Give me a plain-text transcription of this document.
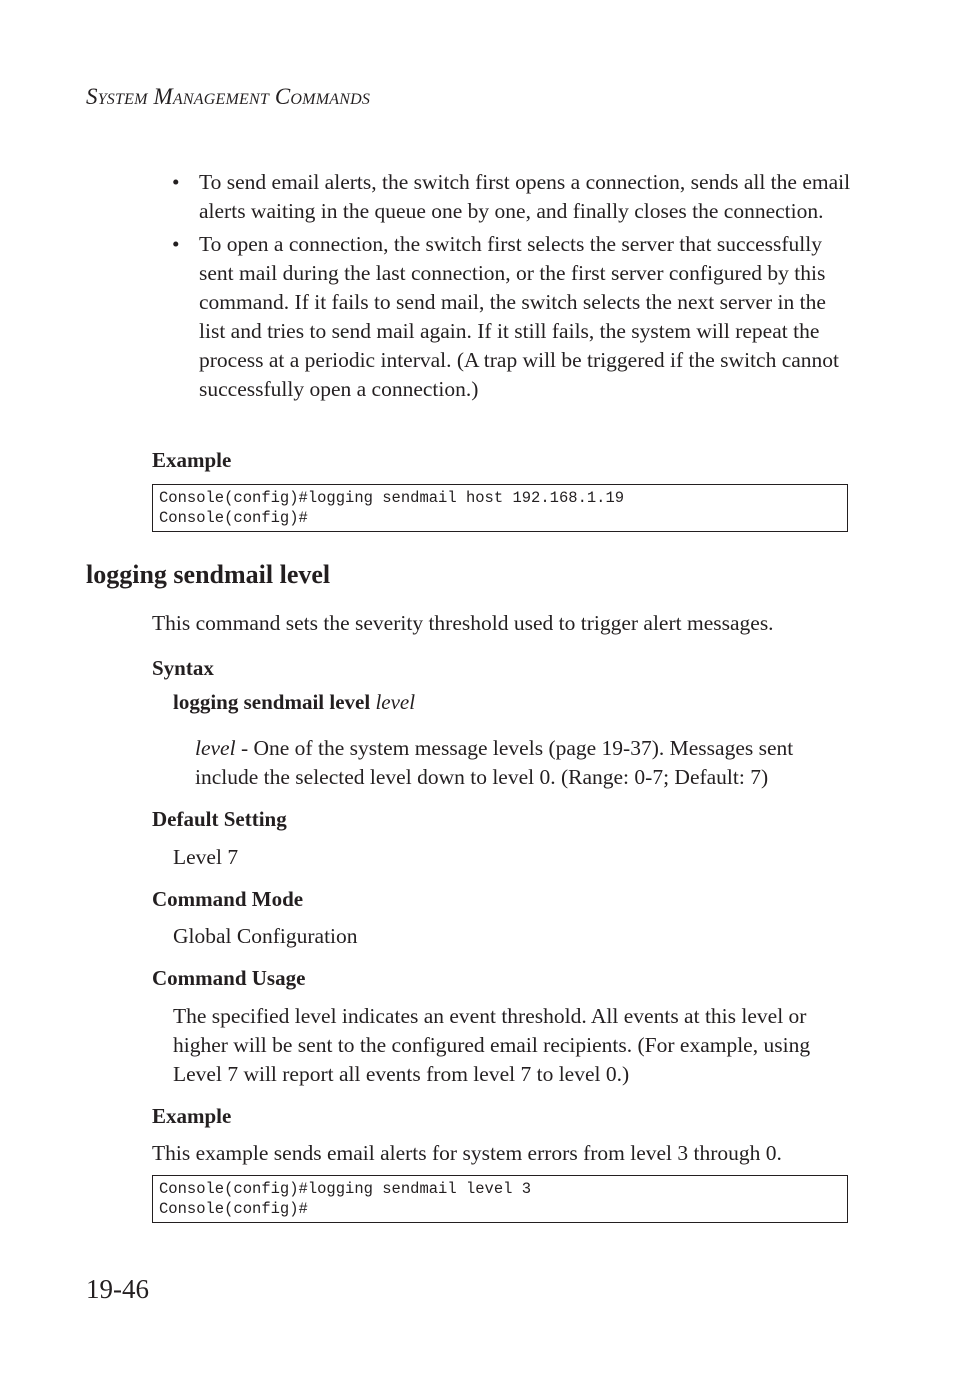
System Management Commands
• To send email alerts, the switch first opens a connection, sends all the email alerts waiting in the queue one by one, and finally closes the connection.
• To open a connection, the switch first selects the server that successfully sent mail during the last connection, or the first server configured by this command. If it fails to send mail, the switch selects the next server in the list and tries to send mail again. If it still fails, the system will repeat the process at a periodic interval. (A trap will be triggered if the switch cannot successfully open a connection.)
Example
Console(config)#logging sendmail host 192.168.1.19
Console(config)#
logging sendmail level
This command sets the severity threshold used to trigger alert messages.
Syntax
logging sendmail level level
level - One of the system message levels (page 19-37). Messages sent include the selected level down to level 0. (Range: 0-7; Default: 7)
Default Setting
Level 7
Command Mode
Global Configuration
Command Usage
The specified level indicates an event threshold. All events at this level or higher will be sent to the configured email recipients. (For example, using Level 7 will report all events from level 7 to level 0.)
Example
This example sends email alerts for system errors from level 3 through 0.
Console(config)#logging sendmail level 3
Console(config)#
19-46
